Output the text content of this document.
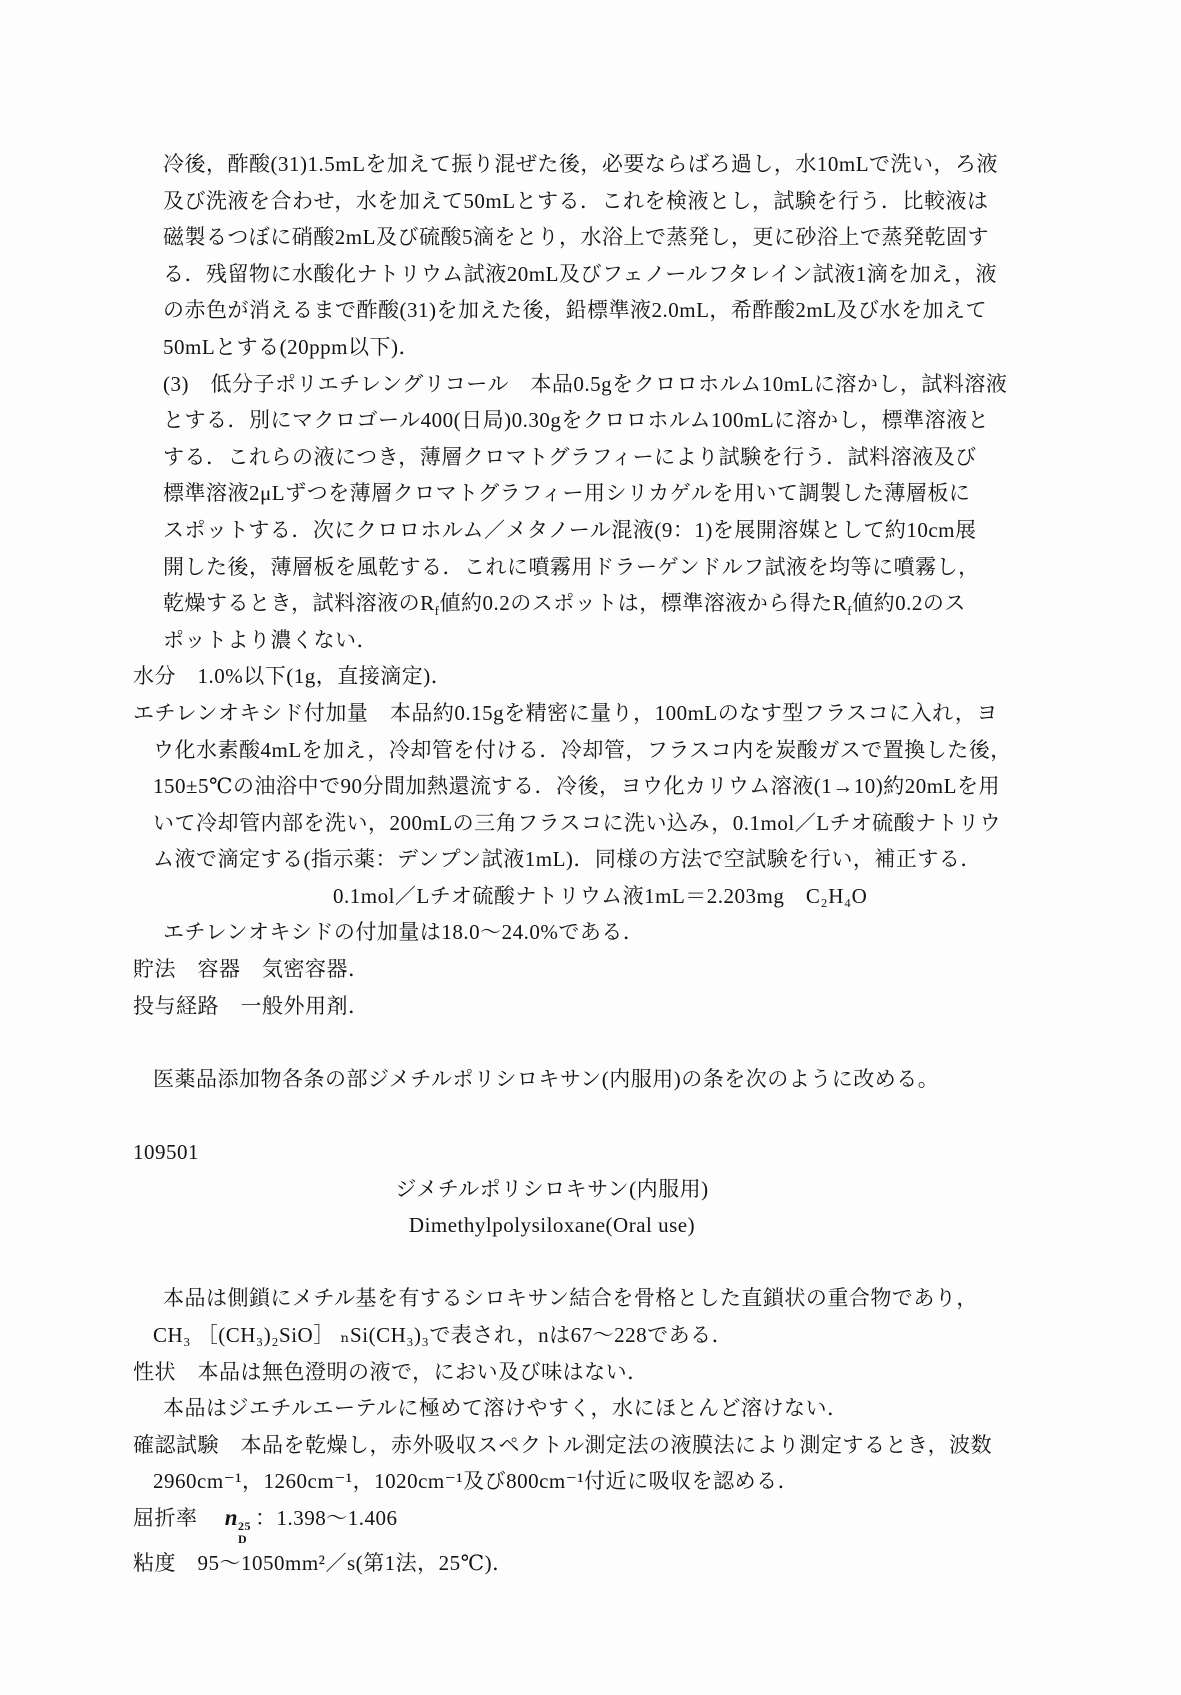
冷後，酢酸(31)1.5mLを加えて振り混ぜた後，必要ならばろ過し，水10mLで洗い，ろ液
及び洗液を合わせ，水を加えて50mLとする．これを検液とし，試験を行う．比較液は
磁製るつぼに硝酸2mL及び硫酸5滴をとり，水浴上で蒸発し，更に砂浴上で蒸発乾固す
る．残留物に水酸化ナトリウム試液20mL及びフェノールフタレイン試液1滴を加え，液
の赤色が消えるまで酢酸(31)を加えた後，鉛標準液2.0mL，希酢酸2mL及び水を加えて
50mLとする(20ppm以下)．
(3)　低分子ポリエチレングリコール　本品0.5gをクロロホルム10mLに溶かし，試料溶液
とする．別にマクロゴール400(日局)0.30gをクロロホルム100mLに溶かし，標準溶液と
する．これらの液につき，薄層クロマトグラフィーにより試験を行う．試料溶液及び
標準溶液2μLずつを薄層クロマトグラフィー用シリカゲルを用いて調製した薄層板に
スポットする．次にクロロホルム／メタノール混液(9：1)を展開溶媒として約10cm展
開した後，薄層板を風乾する．これに噴霧用ドラーゲンドルフ試液を均等に噴霧し，
乾燥するとき，試料溶液の$R_f$値約0.2のスポットは，標準溶液から得た$R_f$値約0.2のス
ポットより濃くない．
水分　1.0%以下(1g，直接滴定)．
エチレンオキシド付加量　本品約0.15gを精密に量り，100mLのなす型フラスコに入れ，ヨ
ウ化水素酸4mLを加え，冷却管を付ける．冷却管，フラスコ内を炭酸ガスで置換した後，
150±5℃の油浴中で90分間加熱還流する．冷後，ヨウ化カリウム溶液(1→10)約20mLを用
いて冷却管内部を洗い，200mLの三角フラスコに洗い込み，0.1mol／Lチオ硫酸ナトリウ
ム液で滴定する(指示薬：デンプン試液1mL)．同様の方法で空試験を行い，補正する．
0.1mol／Lチオ硫酸ナトリウム液1mL＝2.203mg　C₂H₄O
エチレンオキシドの付加量は18.0～24.0%である．
貯法　容器　気密容器．
投与経路　一般外用剤．
医薬品添加物各条の部ジメチルポリシロキサン(内服用)の条を次のように改める。
109501
ジメチルポリシロキサン(内服用)
Dimethylpolysiloxane(Oral use)
本品は側鎖にメチル基を有するシロキサン結合を骨格とした直鎖状の重合物であり，
CH₃ ［(CH₃)₂SiO］ ₙSi(CH₃)₃で表され，nは67～228である．
性状　本品は無色澄明の液で，におい及び味はない．
本品はジエチルエーテルに極めて溶けやすく，水にほとんど溶けない．
確認試験　本品を乾燥し，赤外吸収スペクトル測定法の液膜法により測定するとき，波数
2960cm⁻¹，1260cm⁻¹，1020cm⁻¹及び800cm⁻¹付近に吸収を認める．
屈折率　 n 25
D
：1.398～1.406
粘度　95～1050mm²／s(第1法，25℃)．
